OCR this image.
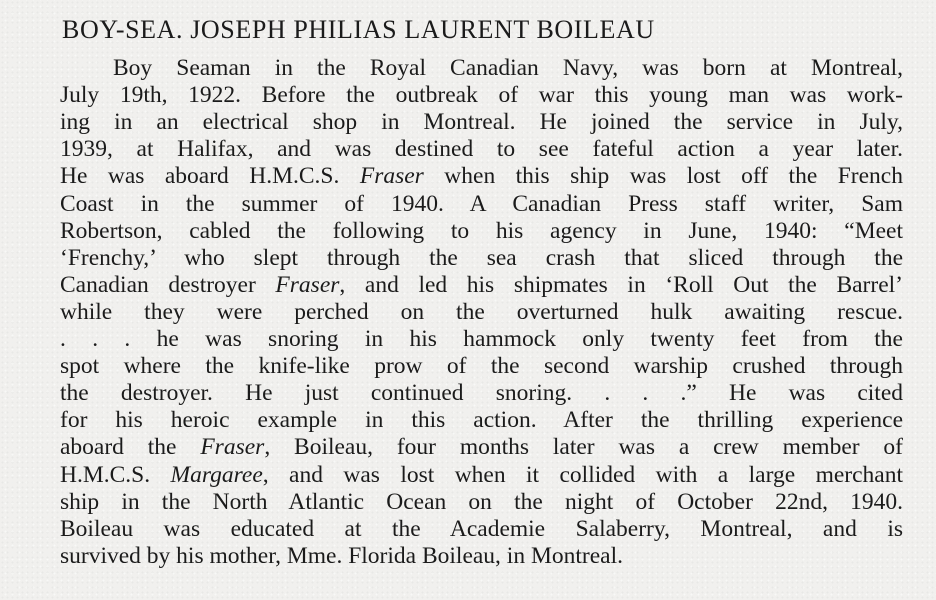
BOY-SEA. JOSEPH PHILIAS LAURENT BOILEAU
Boy Seaman in the Royal Canadian Navy, was born at Montreal,
July 19th, 1922. Before the outbreak of war this young man was work-
ing in an electrical shop in Montreal. He joined the service in July,
1939, at Halifax, and was destined to see fateful action a year later.
He was aboard H.M.C.S. Fraser when this ship was lost off the French
Coast in the summer of 1940. A Canadian Press staff writer, Sam
Robertson, cabled the following to his agency in June, 1940: “Meet
‘Frenchy,’ who slept through the sea crash that sliced through the
Canadian destroyer Fraser, and led his shipmates in ‘Roll Out the Barrel’
while they were perched on the overturned hulk awaiting rescue.
. . . he was snoring in his hammock only twenty feet from the
spot where the knife-like prow of the second warship crushed through
the destroyer. He just continued snoring. . . .” He was cited
for his heroic example in this action. After the thrilling experience
aboard the Fraser, Boileau, four months later was a crew member of
H.M.C.S. Margaree, and was lost when it collided with a large merchant
ship in the North Atlantic Ocean on the night of October 22nd, 1940.
Boileau was educated at the Academie Salaberry, Montreal, and is
survived by his mother, Mme. Florida Boileau, in Montreal.
